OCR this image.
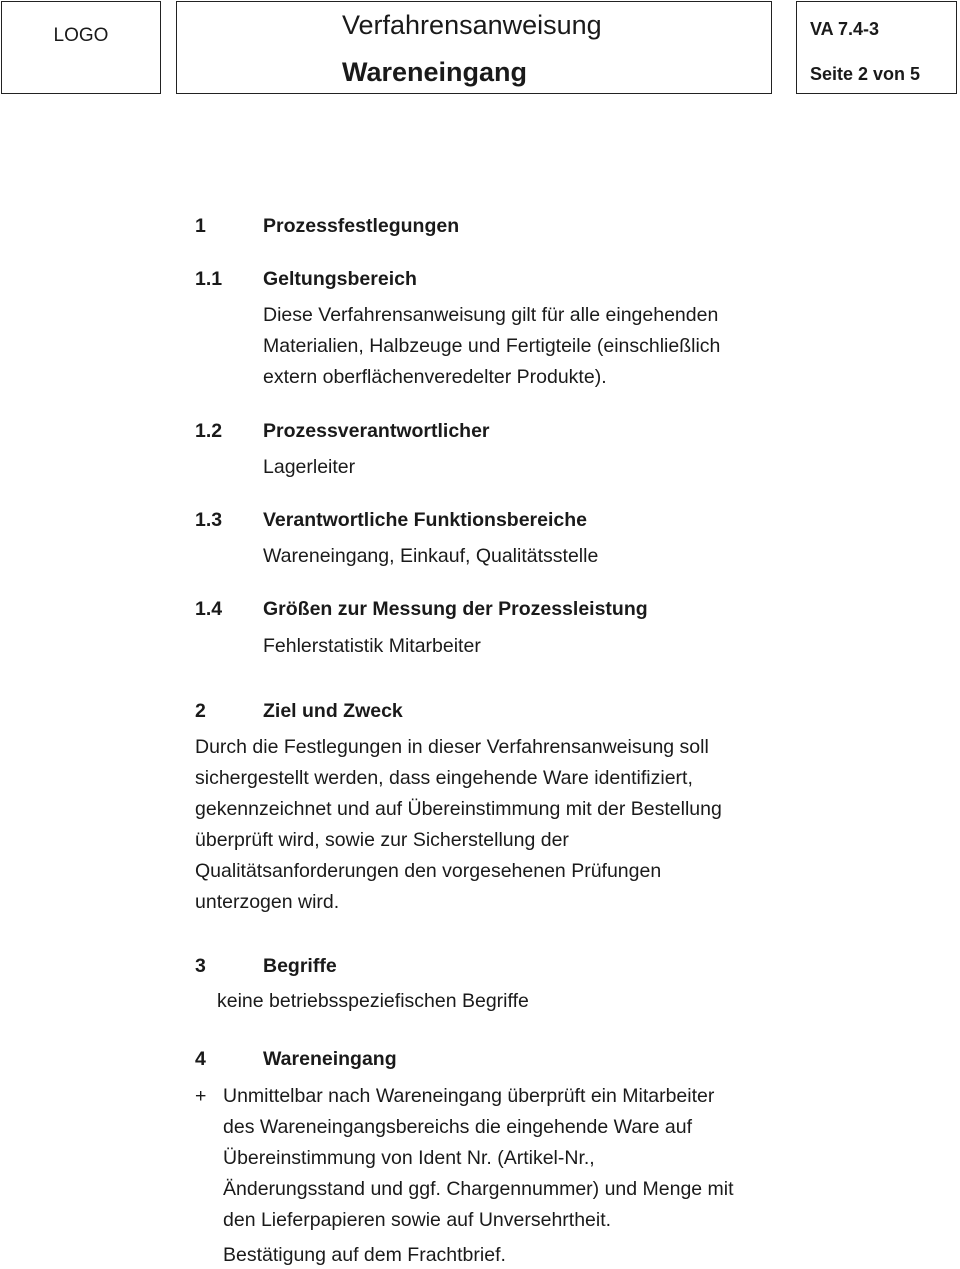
LOGO	Verfahrensanweisung
Wareneingang
VA 7.4-3
Seite 2 von 5
1	Prozessfestlegungen
1.1 Geltungsbereich
Diese Verfahrensanweisung gilt für alle eingehenden
Materialien, Halbzeuge und Fertigteile (einschließlich
extern oberflächenveredelter Produkte).
1.2 Prozessverantwortlicher
Lagerleiter
1.3 Verantwortliche Funktionsbereiche
Wareneingang, Einkauf, Qualitätsstelle
1.4 Größen zur Messung der Prozessleistung
Fehlerstatistik Mitarbeiter
2	Ziel und Zweck
Durch die Festlegungen in dieser Verfahrensanweisung soll
sichergestellt werden, dass eingehende Ware identifiziert,
gekennzeichnet und auf Übereinstimmung mit der Bestellung
überprüft wird, sowie zur Sicherstellung der
Qualitätsanforderungen den vorgesehenen Prüfungen
unterzogen wird.
3	Begriffe
keine betriebsspeziefischen Begriffe
4	Wareneingang
+ Unmittelbar nach Wareneingang überprüft ein Mitarbeiter
des Wareneingangsbereichs die eingehende Ware auf
Übereinstimmung von Ident Nr. (Artikel-Nr.,
Änderungsstand und ggf. Chargennummer) und Menge mit
den Lieferpapieren sowie auf Unversehrtheit.
Bestätigung auf dem Frachtbrief.
